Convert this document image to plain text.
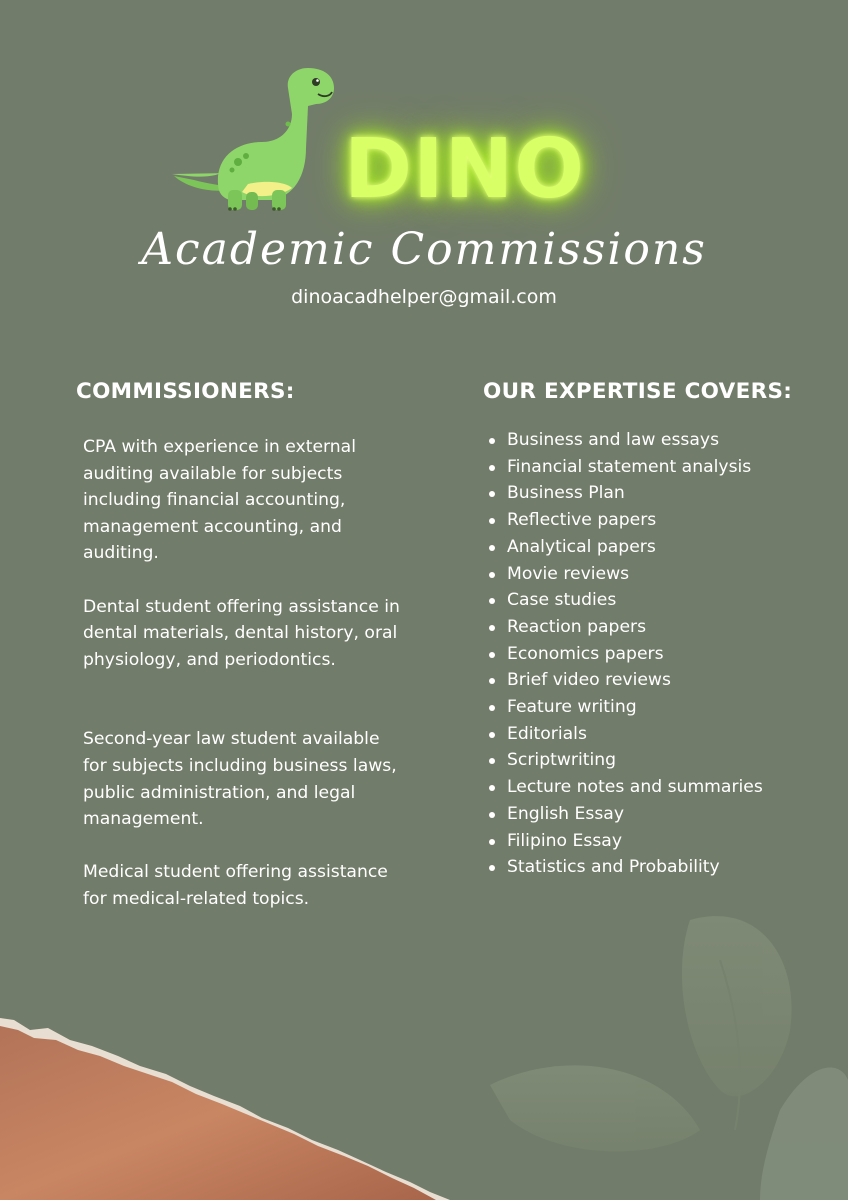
DINO
Academic Commissions
dinoacadhelper@gmail.com
COMMISSIONERS:	OUR EXPERTISE COVERS:

CPA with experience in external auditing available for subjects including financial accounting, management accounting, and auditing.

Dental student offering assistance in dental materials, dental history, oral physiology, and periodontics.

Second-year law student available for subjects including business laws, public administration, and legal management.

Medical student offering assistance for medical-related topics.

Business and law essays
Financial statement analysis
Business Plan
Reflective papers
Analytical papers
Movie reviews
Case studies
Reaction papers
Economics papers
Brief video reviews
Feature writing
Editorials
Scriptwriting
Lecture notes and summaries
English Essay
Filipino Essay
Statistics and Probability
